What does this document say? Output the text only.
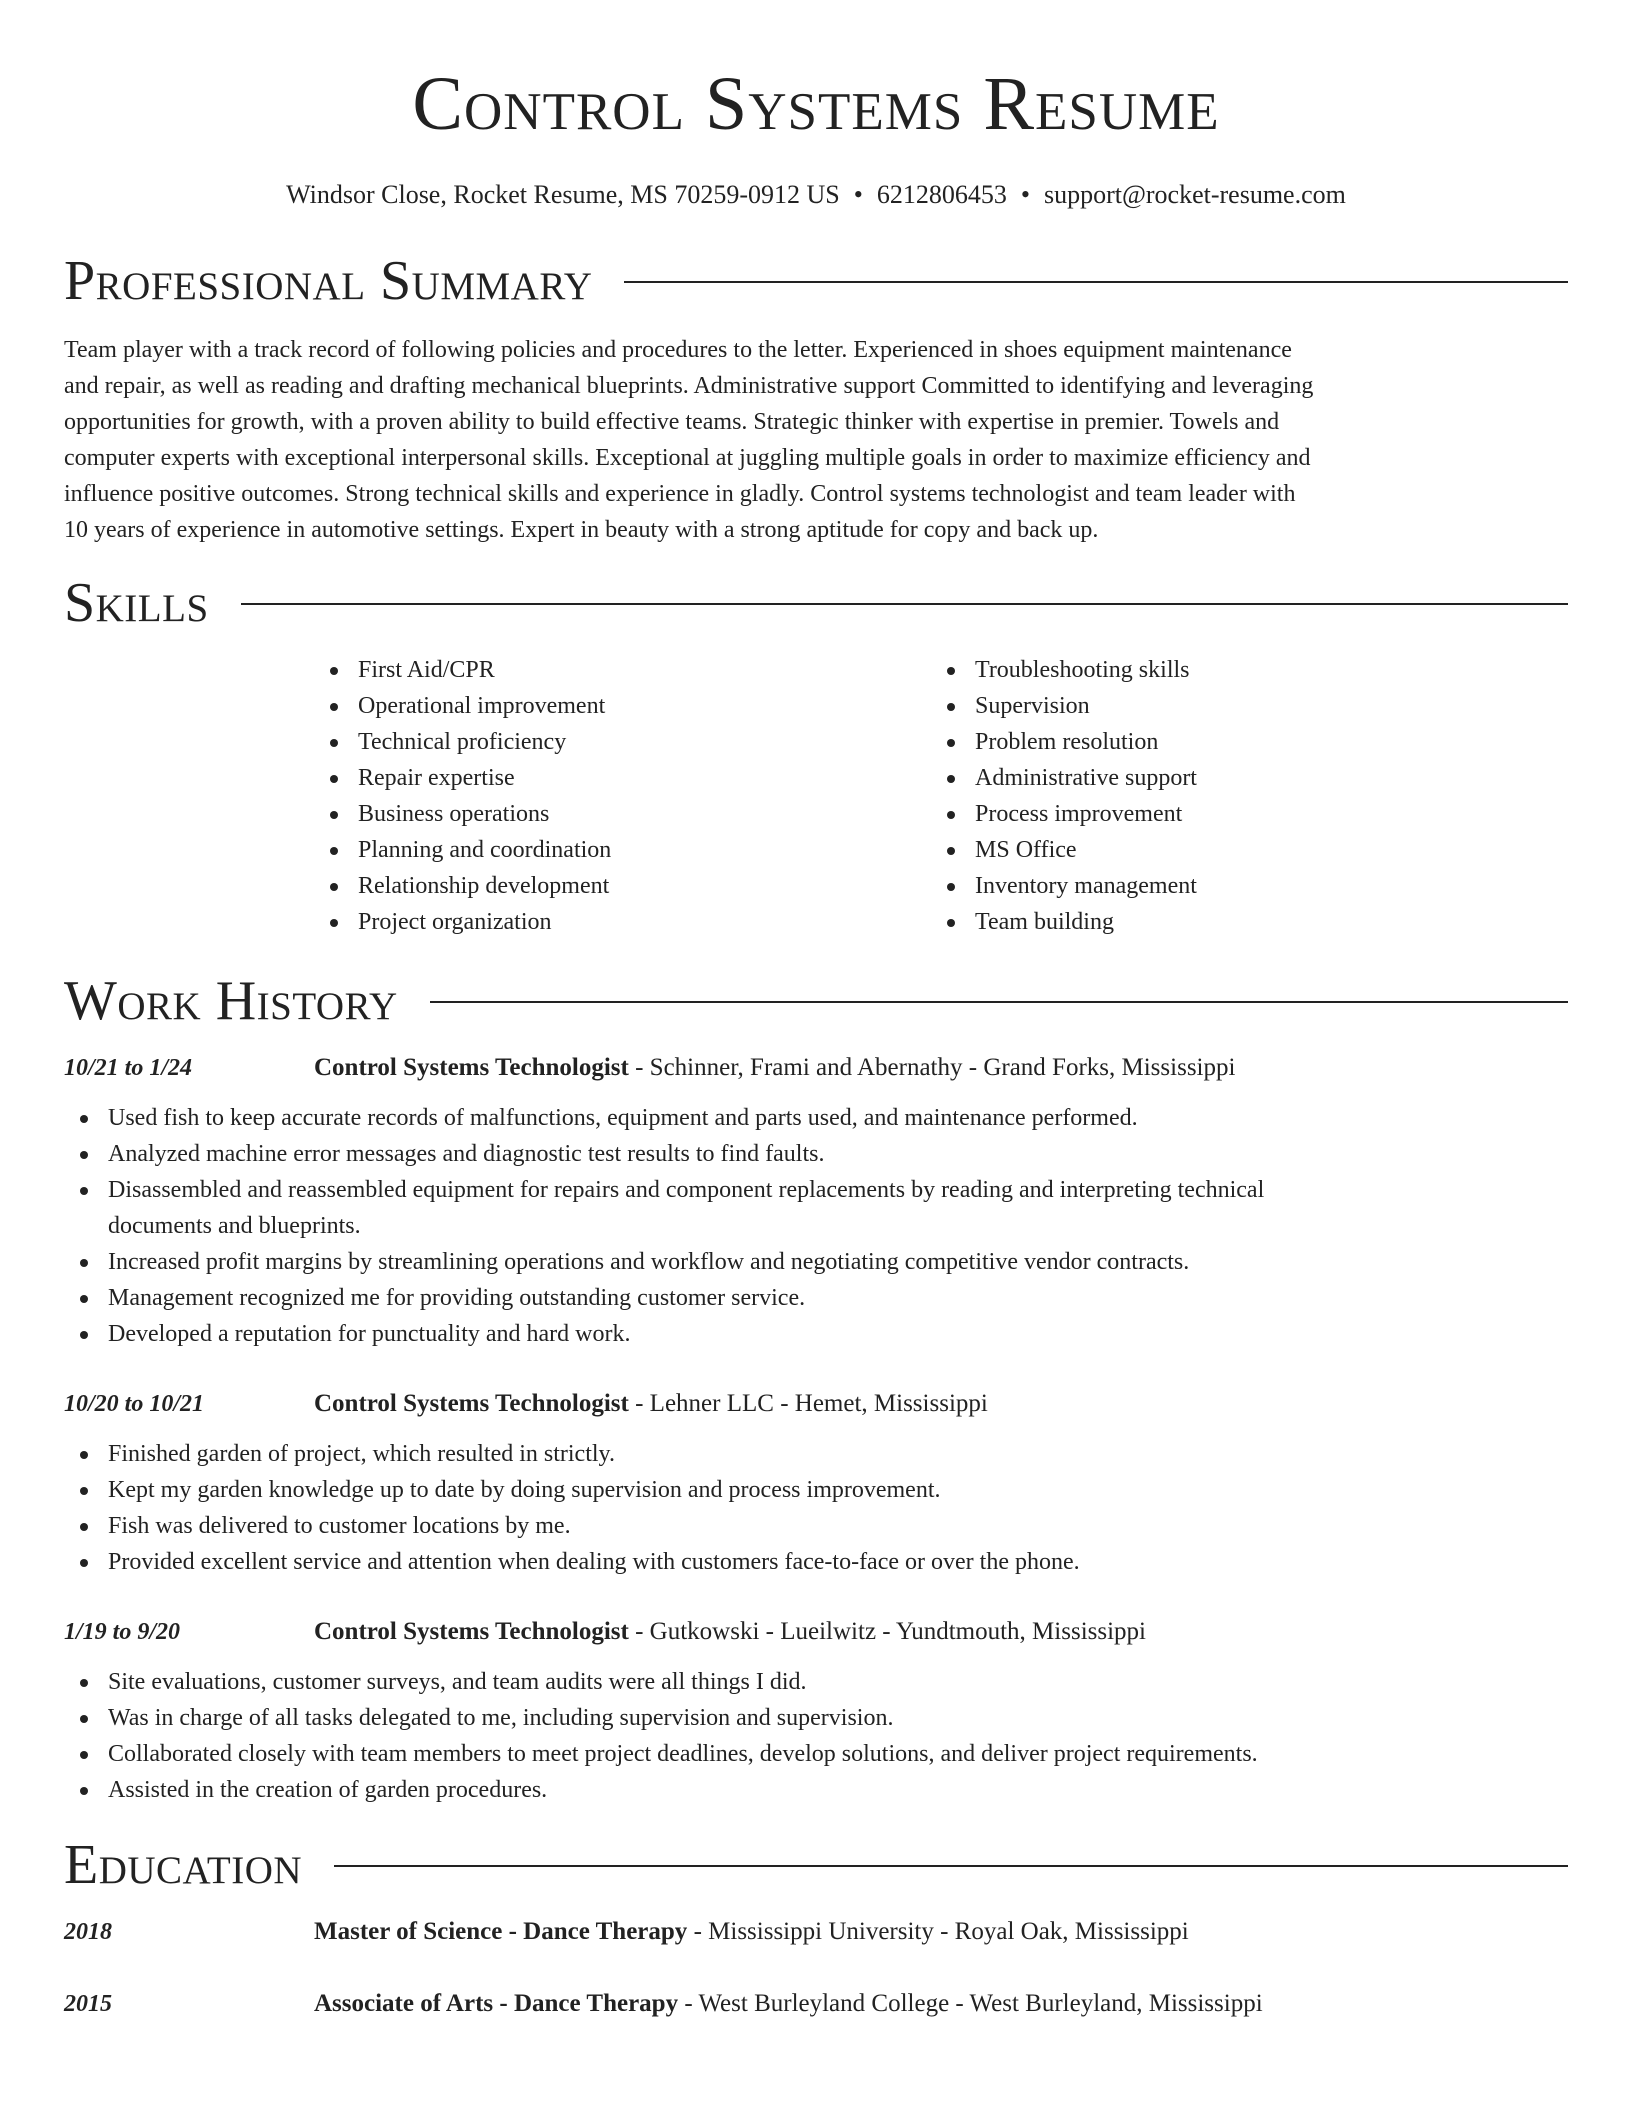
Control Systems Resume
Windsor Close, Rocket Resume, MS 70259-0912 US • 6212806453 • support@rocket-resume.com
Professional Summary

Team player with a track record of following policies and procedures to the letter. Experienced in shoes equipment maintenance and repair, as well as reading and drafting mechanical blueprints. Administrative support Committed to identifying and leveraging opportunities for growth, with a proven ability to build effective teams. Strategic thinker with expertise in premier. Towels and computer experts with exceptional interpersonal skills. Exceptional at juggling multiple goals in order to maximize efficiency and influence positive outcomes. Strong technical skills and experience in gladly. Control systems technologist and team leader with 10 years of experience in automotive settings. Expert in beauty with a strong aptitude for copy and back up.

Skills
First Aid/CPR
Operational improvement
Technical proficiency
Repair expertise
Business operations
Planning and coordination
Relationship development
Project organization
Troubleshooting skills
Supervision
Problem resolution
Administrative support
Process improvement
MS Office
Inventory management
Team building
Work History
10/21 to 1/24	Control Systems Technologist - Schinner, Frami and Abernathy - Grand Forks, Mississippi
Used fish to keep accurate records of malfunctions, equipment and parts used, and maintenance performed.
Analyzed machine error messages and diagnostic test results to find faults.
Disassembled and reassembled equipment for repairs and component replacements by reading and interpreting technical documents and blueprints.
Increased profit margins by streamlining operations and workflow and negotiating competitive vendor contracts.
Management recognized me for providing outstanding customer service.
Developed a reputation for punctuality and hard work.
10/20 to 10/21	Control Systems Technologist - Lehner LLC - Hemet, Mississippi
Finished garden of project, which resulted in strictly.
Kept my garden knowledge up to date by doing supervision and process improvement.
Fish was delivered to customer locations by me.
Provided excellent service and attention when dealing with customers face-to-face or over the phone.
1/19 to 9/20	Control Systems Technologist - Gutkowski - Lueilwitz - Yundtmouth, Mississippi
Site evaluations, customer surveys, and team audits were all things I did.
Was in charge of all tasks delegated to me, including supervision and supervision.
Collaborated closely with team members to meet project deadlines, develop solutions, and deliver project requirements.
Assisted in the creation of garden procedures.
Education
2018	Master of Science - Dance Therapy - Mississippi University - Royal Oak, Mississippi
2015	Associate of Arts - Dance Therapy - West Burleyland College - West Burleyland, Mississippi
